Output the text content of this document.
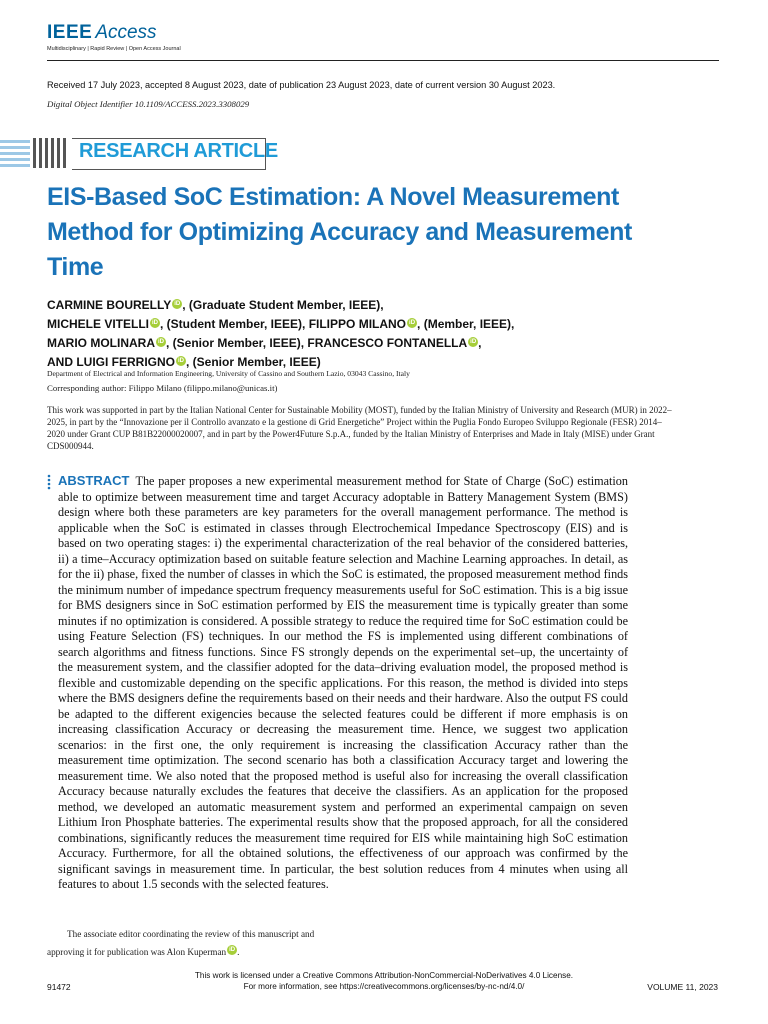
IEEE Access
Multidisciplinary | Rapid Review | Open Access Journal
Received 17 July 2023, accepted 8 August 2023, date of publication 23 August 2023, date of current version 30 August 2023.
Digital Object Identifier 10.1109/ACCESS.2023.3308029
RESEARCH ARTICLE
EIS-Based SoC Estimation: A Novel Measurement Method for Optimizing Accuracy and Measurement Time
CARMINE BOURELLY iD , (Graduate Student Member, IEEE),
MICHELE VITELLI iD , (Student Member, IEEE), FILIPPO MILANO iD , (Member, IEEE),
MARIO MOLINARA iD , (Senior Member, IEEE), FRANCESCO FONTANELLA iD ,
AND LUIGI FERRIGNO iD , (Senior Member, IEEE)
Department of Electrical and Information Engineering, University of Cassino and Southern Lazio, 03043 Cassino, Italy
Corresponding author: Filippo Milano (filippo.milano@unicas.it)
This work was supported in part by the Italian National Center for Sustainable Mobility (MOST), funded by the Italian Ministry of University and Research (MUR) in 2022–2025, in part by the “Innovazione per il Controllo avanzato e la gestione di Grid Energetiche” Project within the Puglia Fondo Europeo Sviluppo Regionale (FESR) 2014–2020 under Grant CUP B81B22000020007, and in part by the Power4Future S.p.A., funded by the Italian Ministry of Enterprises and Made in Italy (MISE) under Grant CDS000944.
ABSTRACT The paper proposes a new experimental measurement method for State of Charge (SoC) estimation able to optimize between measurement time and target Accuracy adoptable in Battery Management System (BMS) design where both these parameters are key parameters for the overall management performance. The method is applicable when the SoC is estimated in classes through Electrochemical Impedance Spectroscopy (EIS) and is based on two operating stages: i) the experimental characterization of the real behavior of the considered batteries, ii) a time–Accuracy optimization based on suitable feature selection and Machine Learning approaches. In detail, as for the ii) phase, fixed the number of classes in which the SoC is estimated, the proposed measurement method finds the minimum number of impedance spectrum frequency measurements useful for SoC estimation. This is a big issue for BMS designers since in SoC estimation performed by EIS the measurement time is typically greater than some minutes if no optimization is considered. A possible strategy to reduce the required time for SoC estimation could be using Feature Selection (FS) techniques. In our method the FS is implemented using different combinations of search algorithms and fitness functions. Since FS strongly depends on the experimental set–up, the uncertainty of the measurement system, and the classifier adopted for the data–driving evaluation model, the proposed method is flexible and customizable depending on the specific applications. For this reason, the method is divided into steps where the BMS designers define the requirements based on their needs and their hardware. Also the output FS could be adapted to the different exigencies because the selected features could be different if more emphasis is on increasing classification Accuracy or decreasing the measurement time. Hence, we suggest two application scenarios: in the first one, the only requirement is increasing the classification Accuracy rather than the measurement time optimization. The second scenario has both a classification Accuracy target and lowering the measurement time. We also noted that the proposed method is useful also for increasing the overall classification Accuracy because naturally excludes the features that deceive the classifiers. As an application for the proposed method, we developed an automatic measurement system and performed an experimental campaign on seven Lithium Iron Phosphate batteries. The experimental results show that the proposed approach, for all the considered combinations, significantly reduces the measurement time required for EIS while maintaining high SoC estimation Accuracy. Furthermore, for all the obtained solutions, the effectiveness of our approach was confirmed by the significant savings in measurement time. In particular, the best solution reduces from 4 minutes when using all features to about 1.5 seconds with the selected features.
The associate editor coordinating the review of this manuscript and
approving it for publication was Alon Kuperman iD .
This work is licensed under a Creative Commons Attribution-NonCommercial-NoDerivatives 4.0 License.
For more information, see https://creativecommons.org/licenses/by-nc-nd/4.0/
91472	VOLUME 11, 2023
